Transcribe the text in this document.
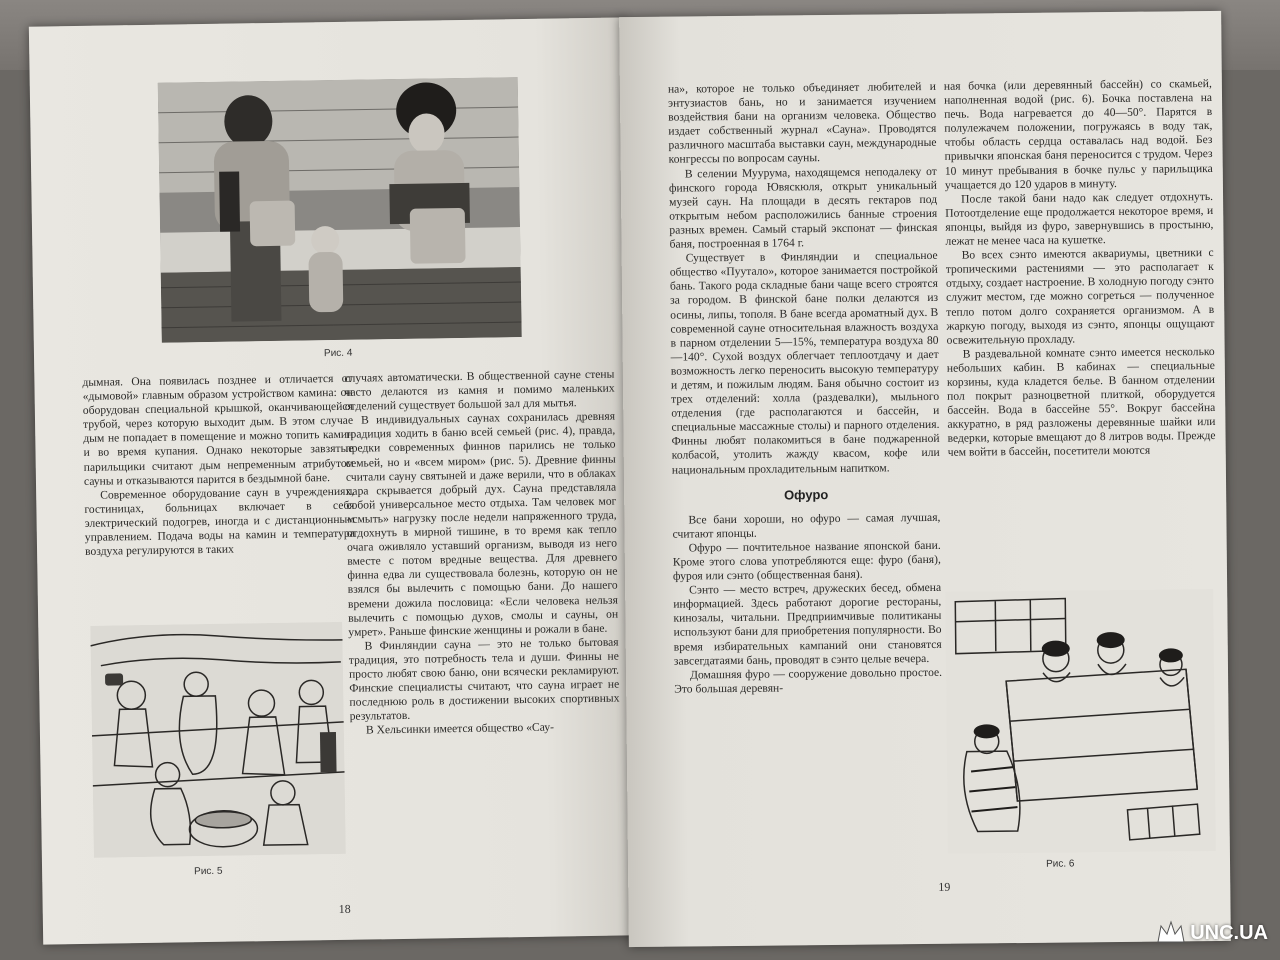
Рис. 4

дымная. Она появилась позднее и отличается от «дымовой» главным образом устройством камина: он оборудован специальной крышкой, оканчивающейся трубой, через которую выходит дым. В этом случае дым не попадает в помещение и можно топить камин и во время купания. Однако некоторые завзятые парильщики считают дым непременным атрибутом сауны и отказываются парится в бездымной бане.

Современное оборудование саун в учреждениях, гостиницах, больницах включает в себя электрический подогрев, иногда и с дистанционным управлением. Подача воды на камин и температура воздуха регулируются в таких

Рис. 5

случаях автоматически. В общественной сауне стены часто делаются из камня и помимо маленьких отделений существует большой зал для мытья.

В индивидуальных саунах сохранилась древняя традиция ходить в баню всей семьей (рис. 4), правда, предки современных финнов парились не только семьей, но и «всем миром» (рис. 5). Древние финны считали сауну святыней и даже верили, что в облаках пара скрывается добрый дух. Сауна представляла собой универсальное место отдыха. Там человек мог «смыть» нагрузку после недели напряженного труда, отдохнуть в мирной тишине, в то время как тепло очага оживляло уставший организм, выводя из него вместе с потом вредные вещества. Для древнего финна едва ли существовала болезнь, которую он не взялся бы вылечить с помощью бани. До нашего времени дожила пословица: «Если человека нельзя вылечить с помощью духов, смолы и сауны, он умрет». Раньше финские женщины и рожали в бане.

В Финляндии сауна — это не только бытовая традиция, это потребность тела и души. Финны не просто любят свою баню, они всячески рекламируют. Финские специалисты считают, что сауна играет не последнюю роль в достижении высоких спортивных результатов.

В Хельсинки имеется общество «Сау-

18

на», которое не только объединяет любителей и энтузиастов бань, но и занимается изучением воздействия бани на организм человека. Общество издает собственный журнал «Сауна». Проводятся различного масштаба выставки саун, международные конгрессы по вопросам сауны.

В селении Муурума, находящемся неподалеку от финского города Ювяскюля, открыт уникальный музей саун. На площади в десять гектаров под открытым небом расположились банные строения разных времен. Самый старый экспонат — финская баня, построенная в 1764 г.

Существует в Финляндии и специальное общество «Пуутало», которое занимается постройкой бань. Такого рода складные бани чаще всего строятся за городом. В финской бане полки делаются из осины, липы, тополя. В бане всегда ароматный дух. В современной сауне относительная влажность воздуха в парном отделении 5—15%, температура воздуха 80—140°. Сухой воздух облегчает теплоотдачу и дает возможность легко переносить высокую температуру и детям, и пожилым людям. Баня обычно состоит из трех отделений: холла (раздевалки), мыльного отделения (где располагаются и бассейн, и специальные массажные столы) и парного отделения. Финны любят полакомиться в бане поджаренной колбасой, утолить жажду квасом, кофе или национальным прохладительным напитком.

Офуро

Все бани хороши, но офуро — самая лучшая, считают японцы.

Офуро — почтительное название японской бани. Кроме этого слова употребляются еще: фуро (баня), фуроя или сэнто (общественная баня).

Сэнто — место встреч, дружеских бесед, обмена информацией. Здесь работают дорогие рестораны, кинозалы, читальни. Предприимчивые политиканы используют бани для приобретения популярности. Во время избирательных кампаний они становятся завсегдатаями бань, проводят в сэнто целые вечера.

Домашняя фуро — сооружение довольно простое. Это большая деревян-

ная бочка (или деревянный бассейн) со скамьей, наполненная водой (рис. 6). Бочка поставлена на печь. Вода нагревается до 40—50°. Парятся в полулежачем положении, погружаясь в воду так, чтобы область сердца оставалась над водой. Без привычки японская баня переносится с трудом. Через 10 минут пребывания в бочке пульс у парильщика учащается до 120 ударов в минуту.

После такой бани надо как следует отдохнуть. Потоотделение еще продолжается некоторое время, и японцы, выйдя из фуро, завернувшись в простыню, лежат не менее часа на кушетке.

Во всех сэнто имеются аквариумы, цветники с тропическими растениями — это располагает к отдыху, создает настроение. В холодную погоду сэнто служит местом, где можно согреться — полученное тепло потом долго сохраняется организмом. А в жаркую погоду, выходя из сэнто, японцы ощущают освежительную прохладу.

В раздевальной комнате сэнто имеется несколько небольших кабин. В кабинах — специальные корзины, куда кладется белье. В банном отделении пол покрыт разноцветной плиткой, оборудуется бассейн. Вода в бассейне 55°. Вокруг бассейна аккуратно, в ряд разложены деревянные шайки или ведерки, которые вмещают до 8 литров воды. Прежде чем войти в бассейн, посетители моются

Рис. 6
19
UNC.UA
